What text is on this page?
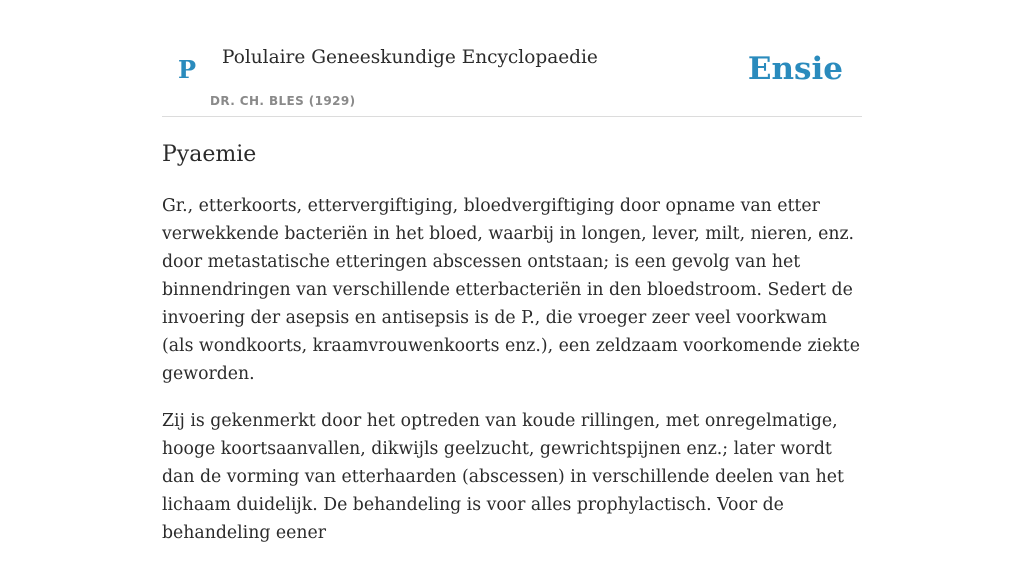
P Polulaire Geneeskundige Encyclopaedie
DR. CH. BLES (1929)
Ensie
Pyaemie

Gr., etterkoorts, ettervergiftiging, bloedvergiftiging door opname van etter verwekkende bacteriën in het bloed, waarbij in longen, lever, milt, nieren, enz. door metastatische etteringen abscessen ontstaan; is een gevolg van het binnendringen van verschillende etterbacteriën in den bloedstroom. Sedert de invoering der asepsis en antisepsis is de P., die vroeger zeer veel voorkwam (als wondkoorts, kraamvrouwenkoorts enz.), een zeldzaam voorkomende ziekte geworden.

Zij is gekenmerkt door het optreden van koude rillingen, met onregelmatige, hooge koortsaanvallen, dikwijls geelzucht, gewrichtspijnen enz.; later wordt dan de vorming van etterhaarden (abscessen) in verschillende deelen van het lichaam duidelijk. De behandeling is voor alles prophylactisch. Voor de behandeling eener
